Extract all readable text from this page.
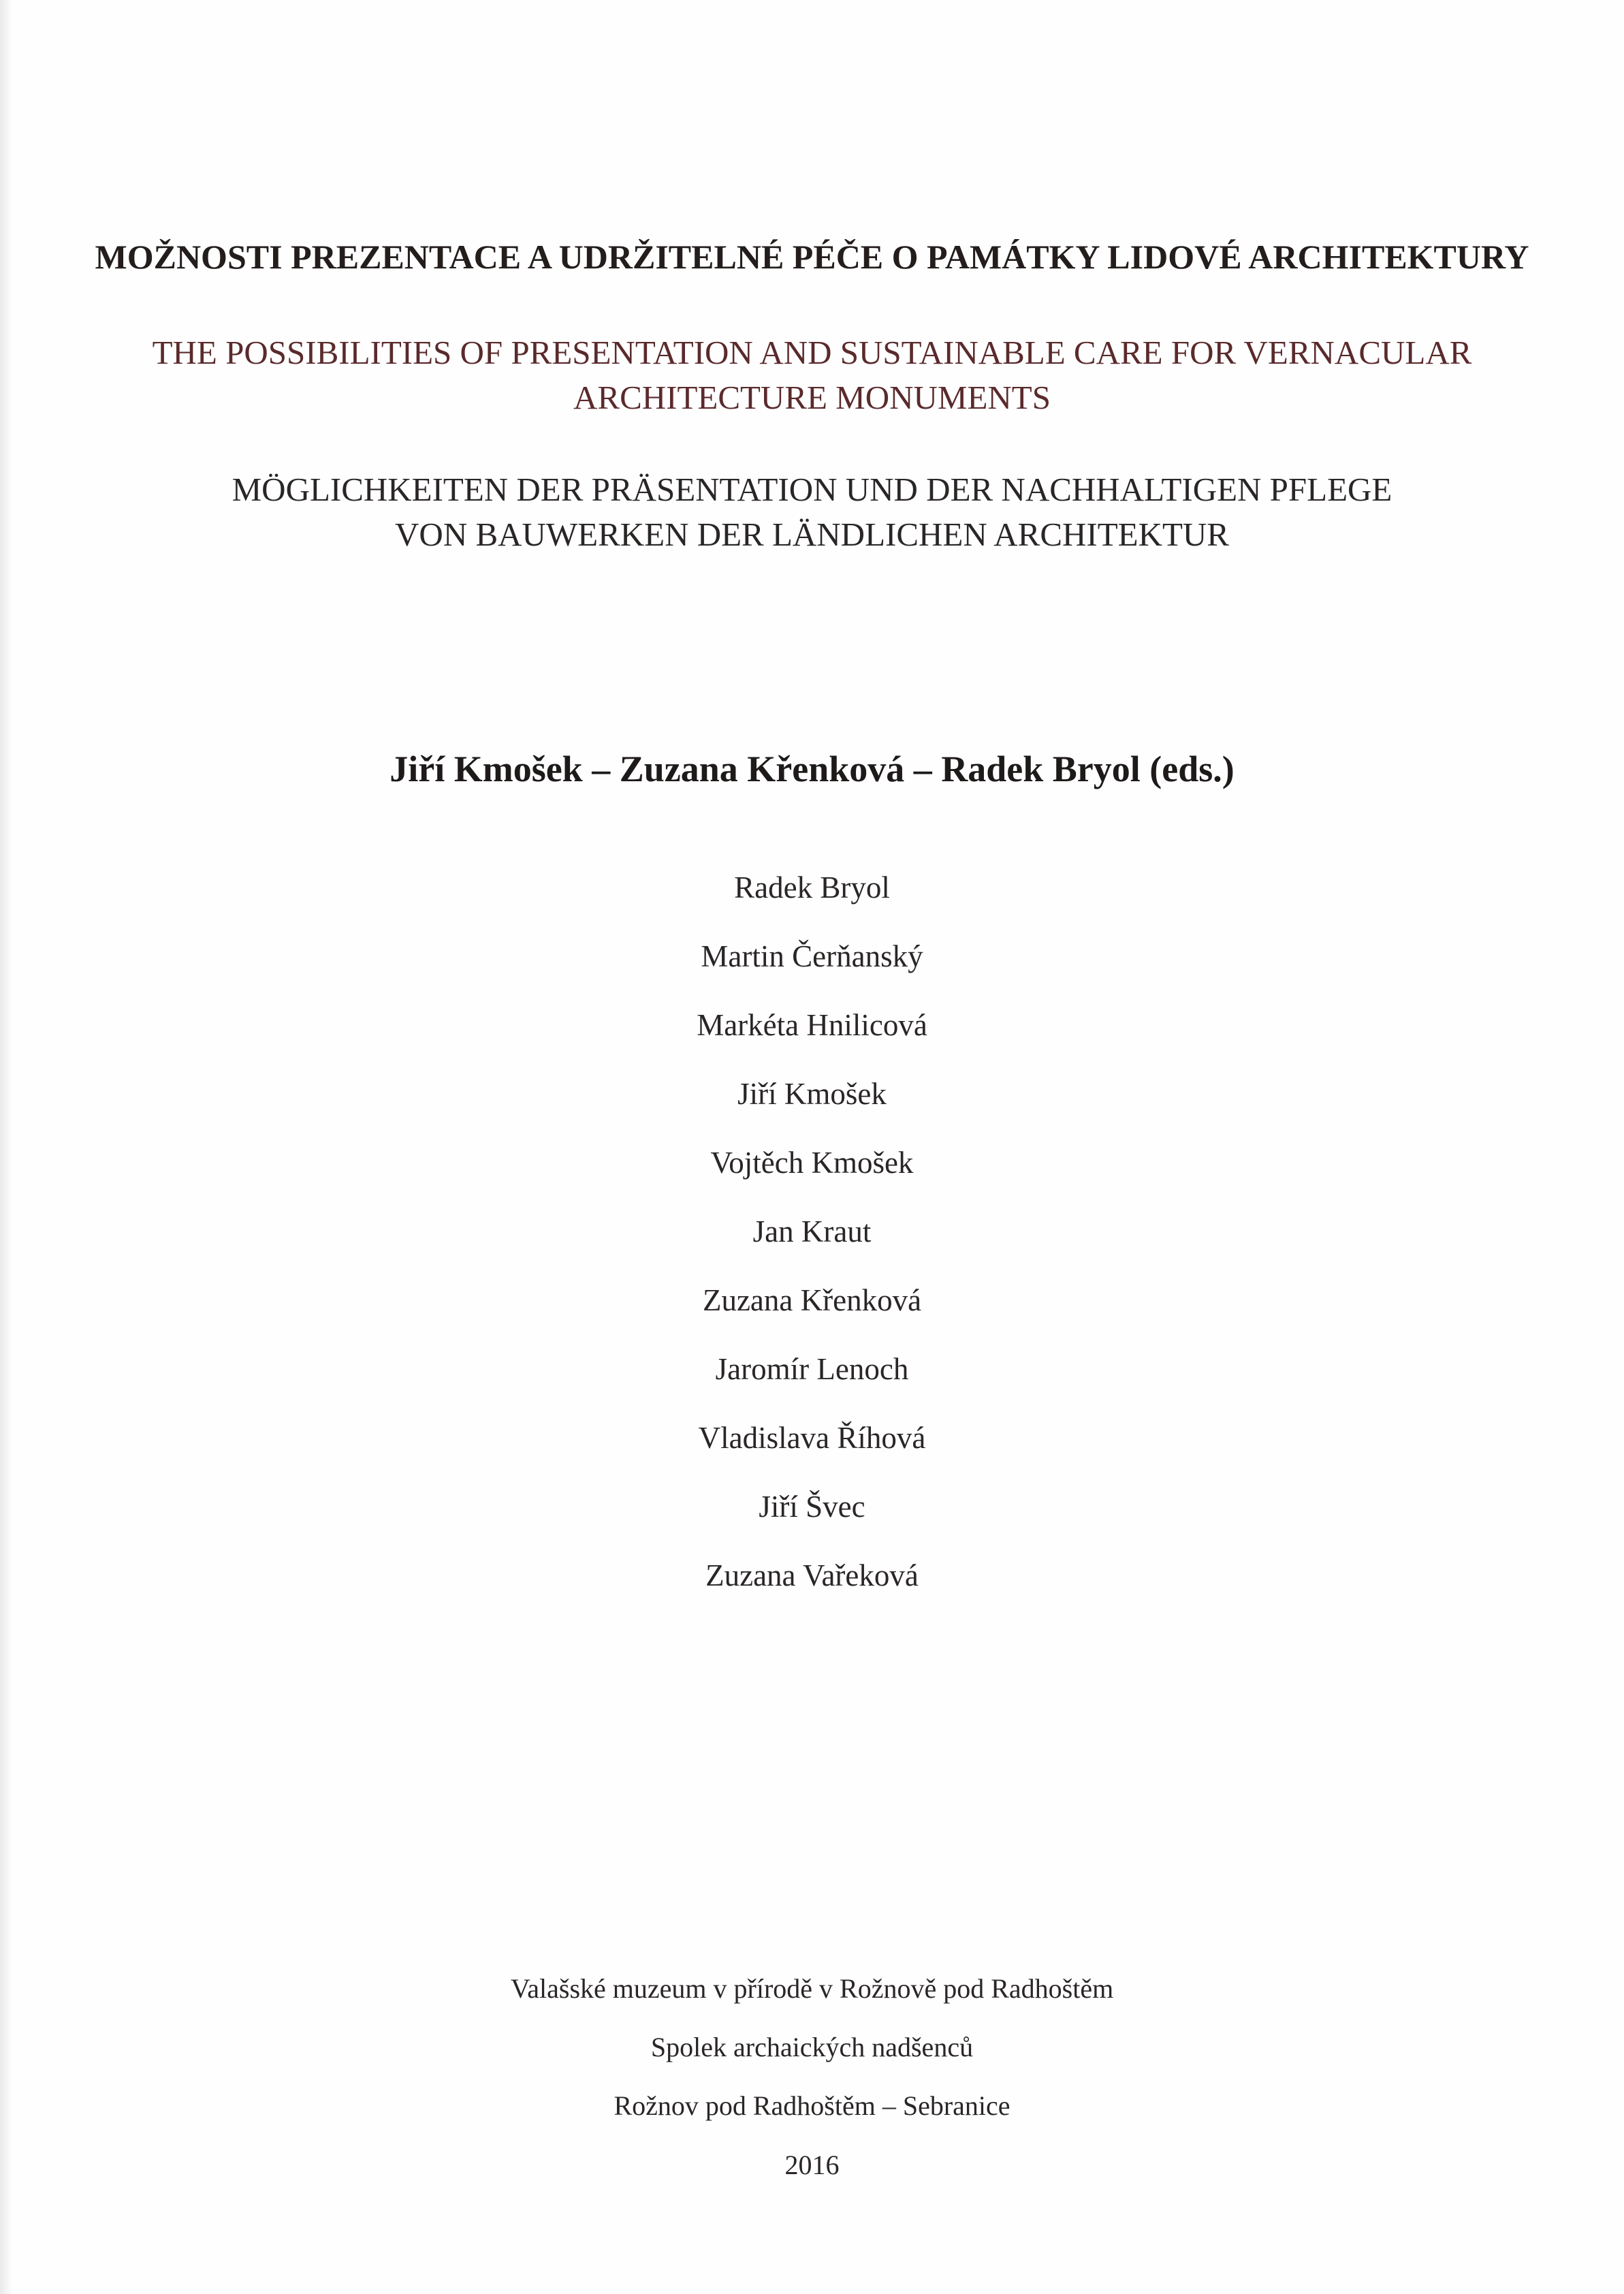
MOŽNOSTI PREZENTACE A UDRŽITELNÉ PÉČE O PAMÁTKY LIDOVÉ ARCHITEKTURY
THE POSSIBILITIES OF PRESENTATION AND SUSTAINABLE CARE FOR VERNACULAR
ARCHITECTURE MONUMENTS
MÖGLICHKEITEN DER PRÄSENTATION UND DER NACHHALTIGEN PFLEGE
VON BAUWERKEN DER LÄNDLICHEN ARCHITEKTUR
Jiří Kmošek – Zuzana Křenková – Radek Bryol (eds.)
Radek Bryol
Martin Čerňanský
Markéta Hnilicová
Jiří Kmošek
Vojtěch Kmošek
Jan Kraut
Zuzana Křenková
Jaromír Lenoch
Vladislava Říhová
Jiří Švec
Zuzana Vařeková
Valašské muzeum v přírodě v Rožnově pod Radhoštěm
Spolek archaických nadšenců
Rožnov pod Radhoštěm – Sebranice
2016
